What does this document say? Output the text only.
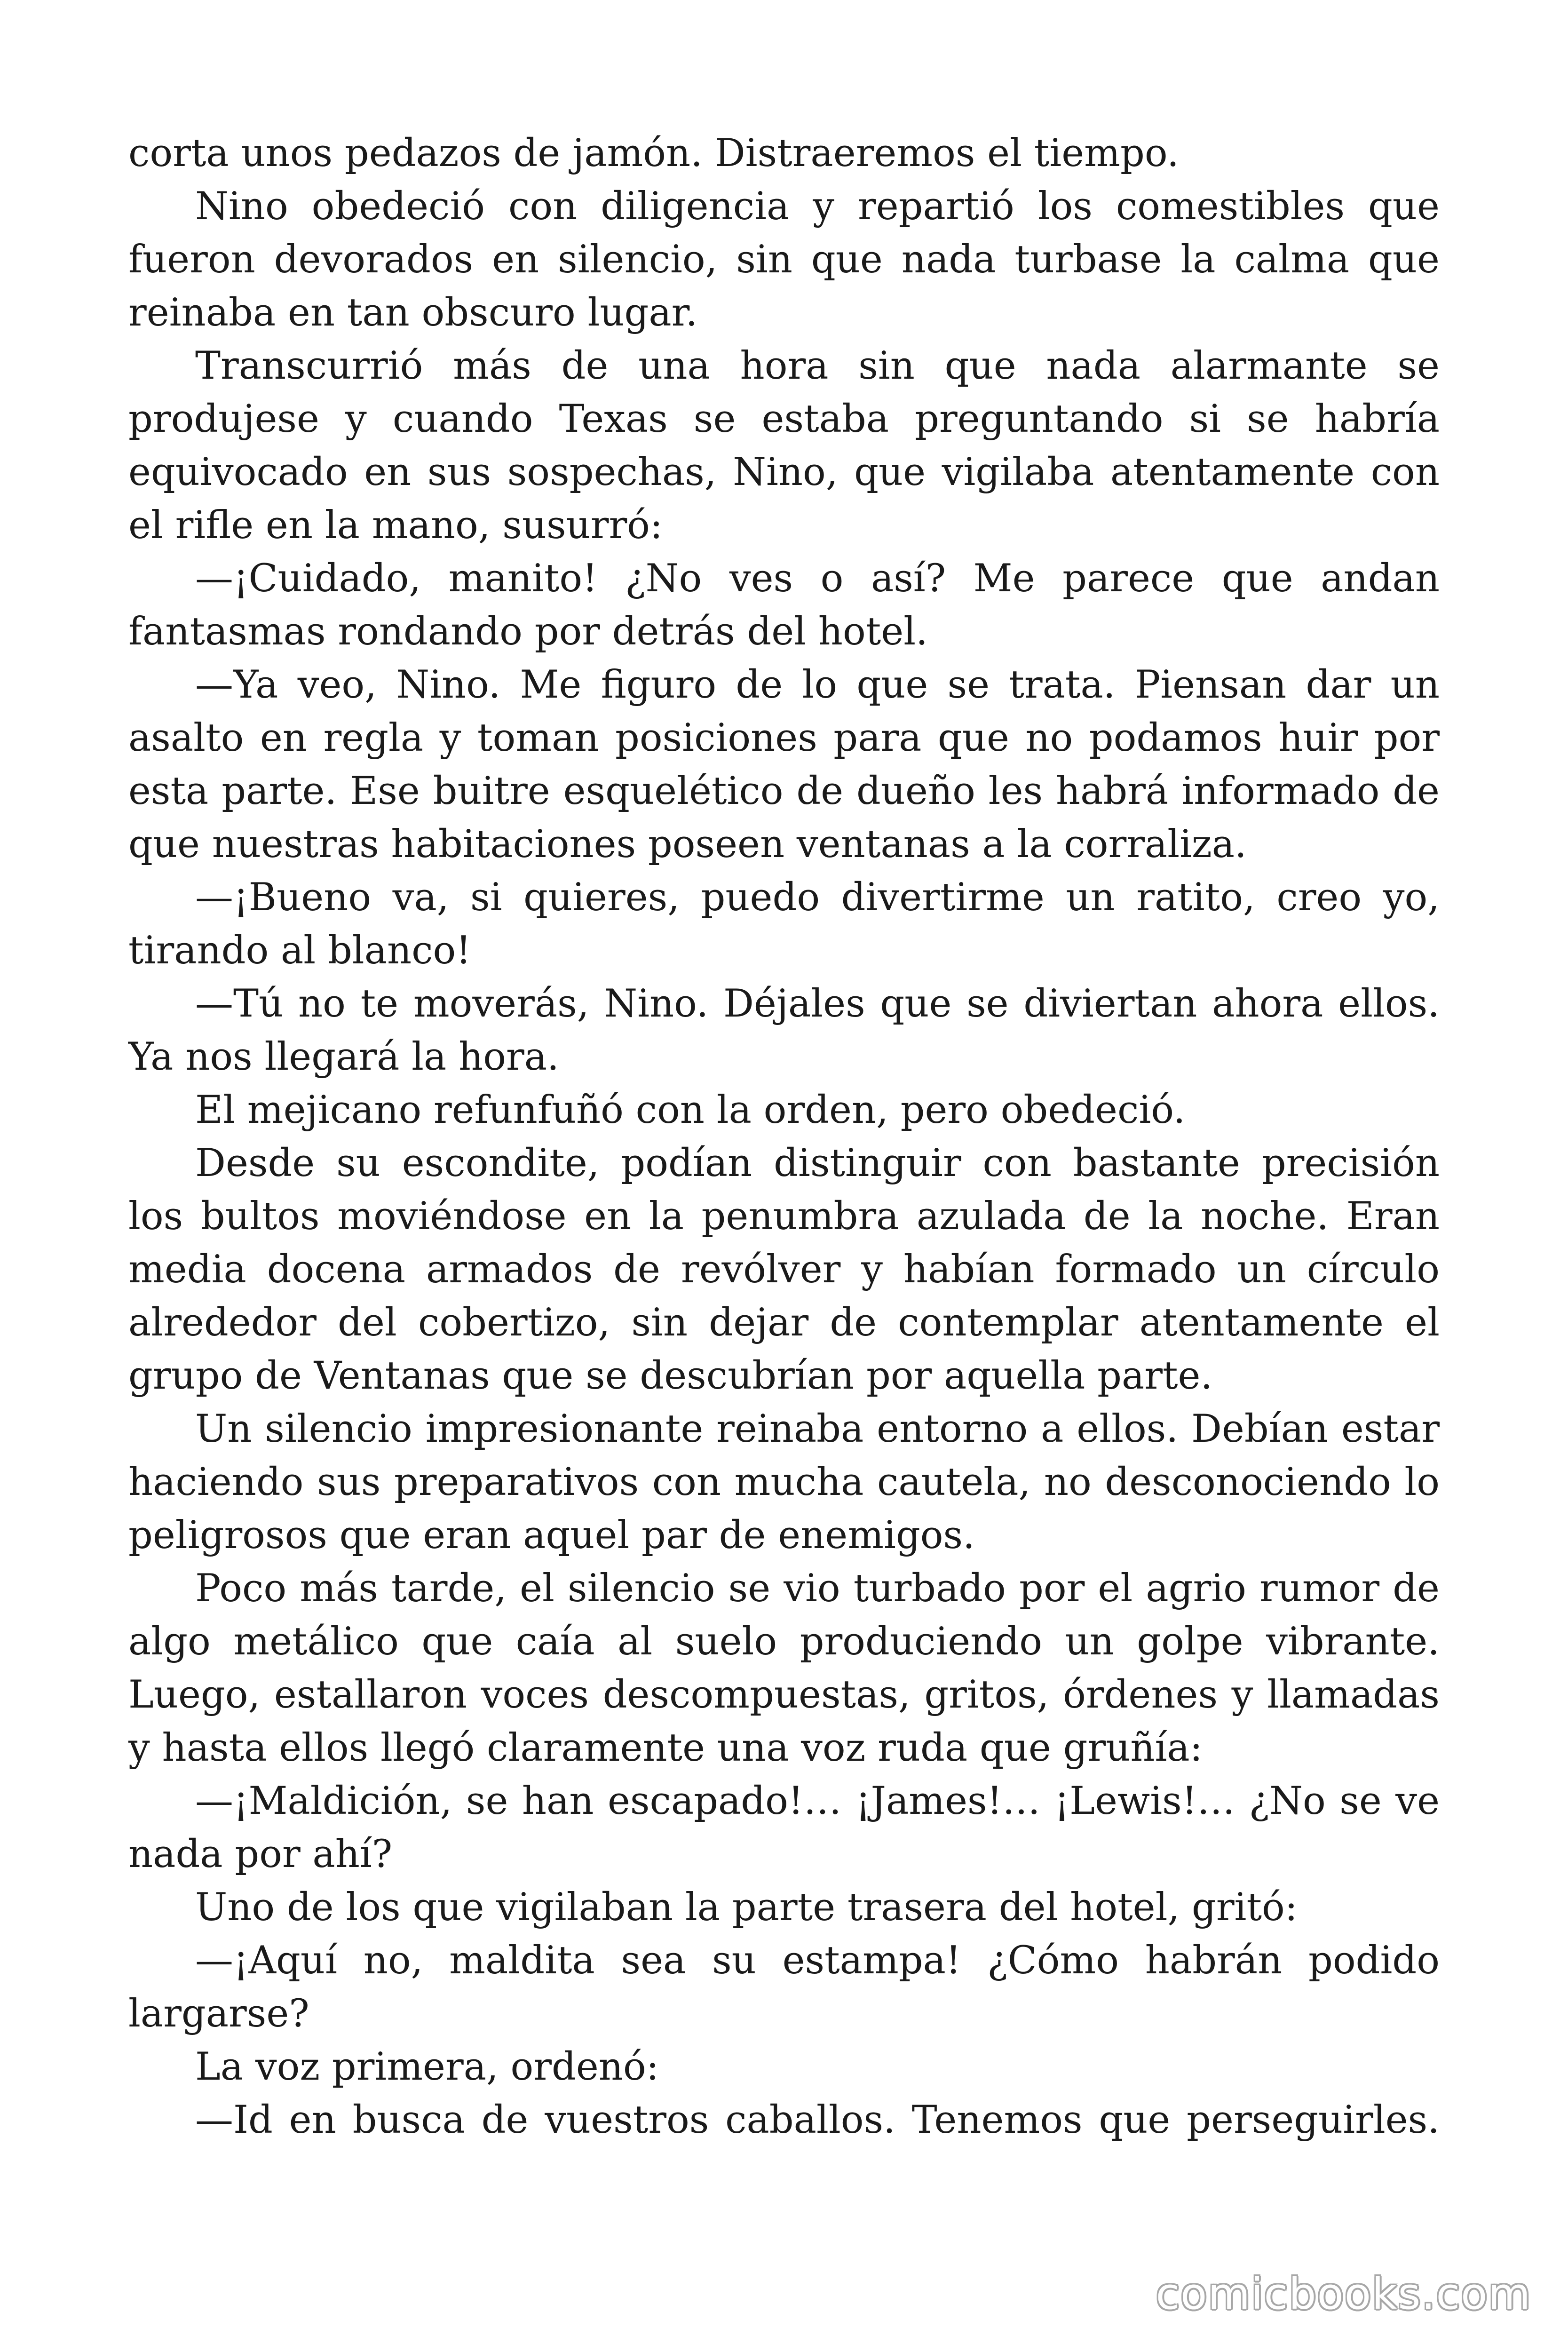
corta unos pedazos de jamón. Distraeremos el tiempo.

Nino obedeció con diligencia y repartió los comestibles que fueron devorados en silencio, sin que nada turbase la calma que reinaba en tan obscuro lugar.

Transcurrió más de una hora sin que nada alarmante se produjese y cuando Texas se estaba preguntando si se habría equivocado en sus sospechas, Nino, que vigilaba atentamente con el rifle en la mano, susurró:

—¡Cuidado, manito! ¿No ves o así? Me parece que andan fantasmas rondando por detrás del hotel.

—Ya veo, Nino. Me figuro de lo que se trata. Piensan dar un asalto en regla y toman posiciones para que no podamos huir por esta parte. Ese buitre esquelético de dueño les habrá informado de que nuestras habitaciones poseen ventanas a la corraliza.

—¡Bueno va, si quieres, puedo divertirme un ratito, creo yo, tirando al blanco!

—Tú no te moverás, Nino. Déjales que se diviertan ahora ellos. Ya nos llegará la hora.

El mejicano refunfuñó con la orden, pero obedeció.

Desde su escondite, podían distinguir con bastante precisión los bultos moviéndose en la penumbra azulada de la noche. Eran media docena armados de revólver y habían formado un círculo alrededor del cobertizo, sin dejar de contemplar atentamente el grupo de Ventanas que se descubrían por aquella parte.

Un silencio impresionante reinaba entorno a ellos. Debían estar haciendo sus preparativos con mucha cautela, no desconociendo lo peligrosos que eran aquel par de enemigos.

Poco más tarde, el silencio se vio turbado por el agrio rumor de algo metálico que caía al suelo produciendo un golpe vibrante. Luego, estallaron voces descompuestas, gritos, órdenes y llamadas y hasta ellos llegó claramente una voz ruda que gruñía:

—¡Maldición, se han escapado!… ¡James!… ¡Lewis!… ¿No se ve nada por ahí?

Uno de los que vigilaban la parte trasera del hotel, gritó:

—¡Aquí no, maldita sea su estampa! ¿Cómo habrán podido largarse?

La voz primera, ordenó:

—Id en busca de vuestros caballos. Tenemos que perseguirles.

comicbooks.com
